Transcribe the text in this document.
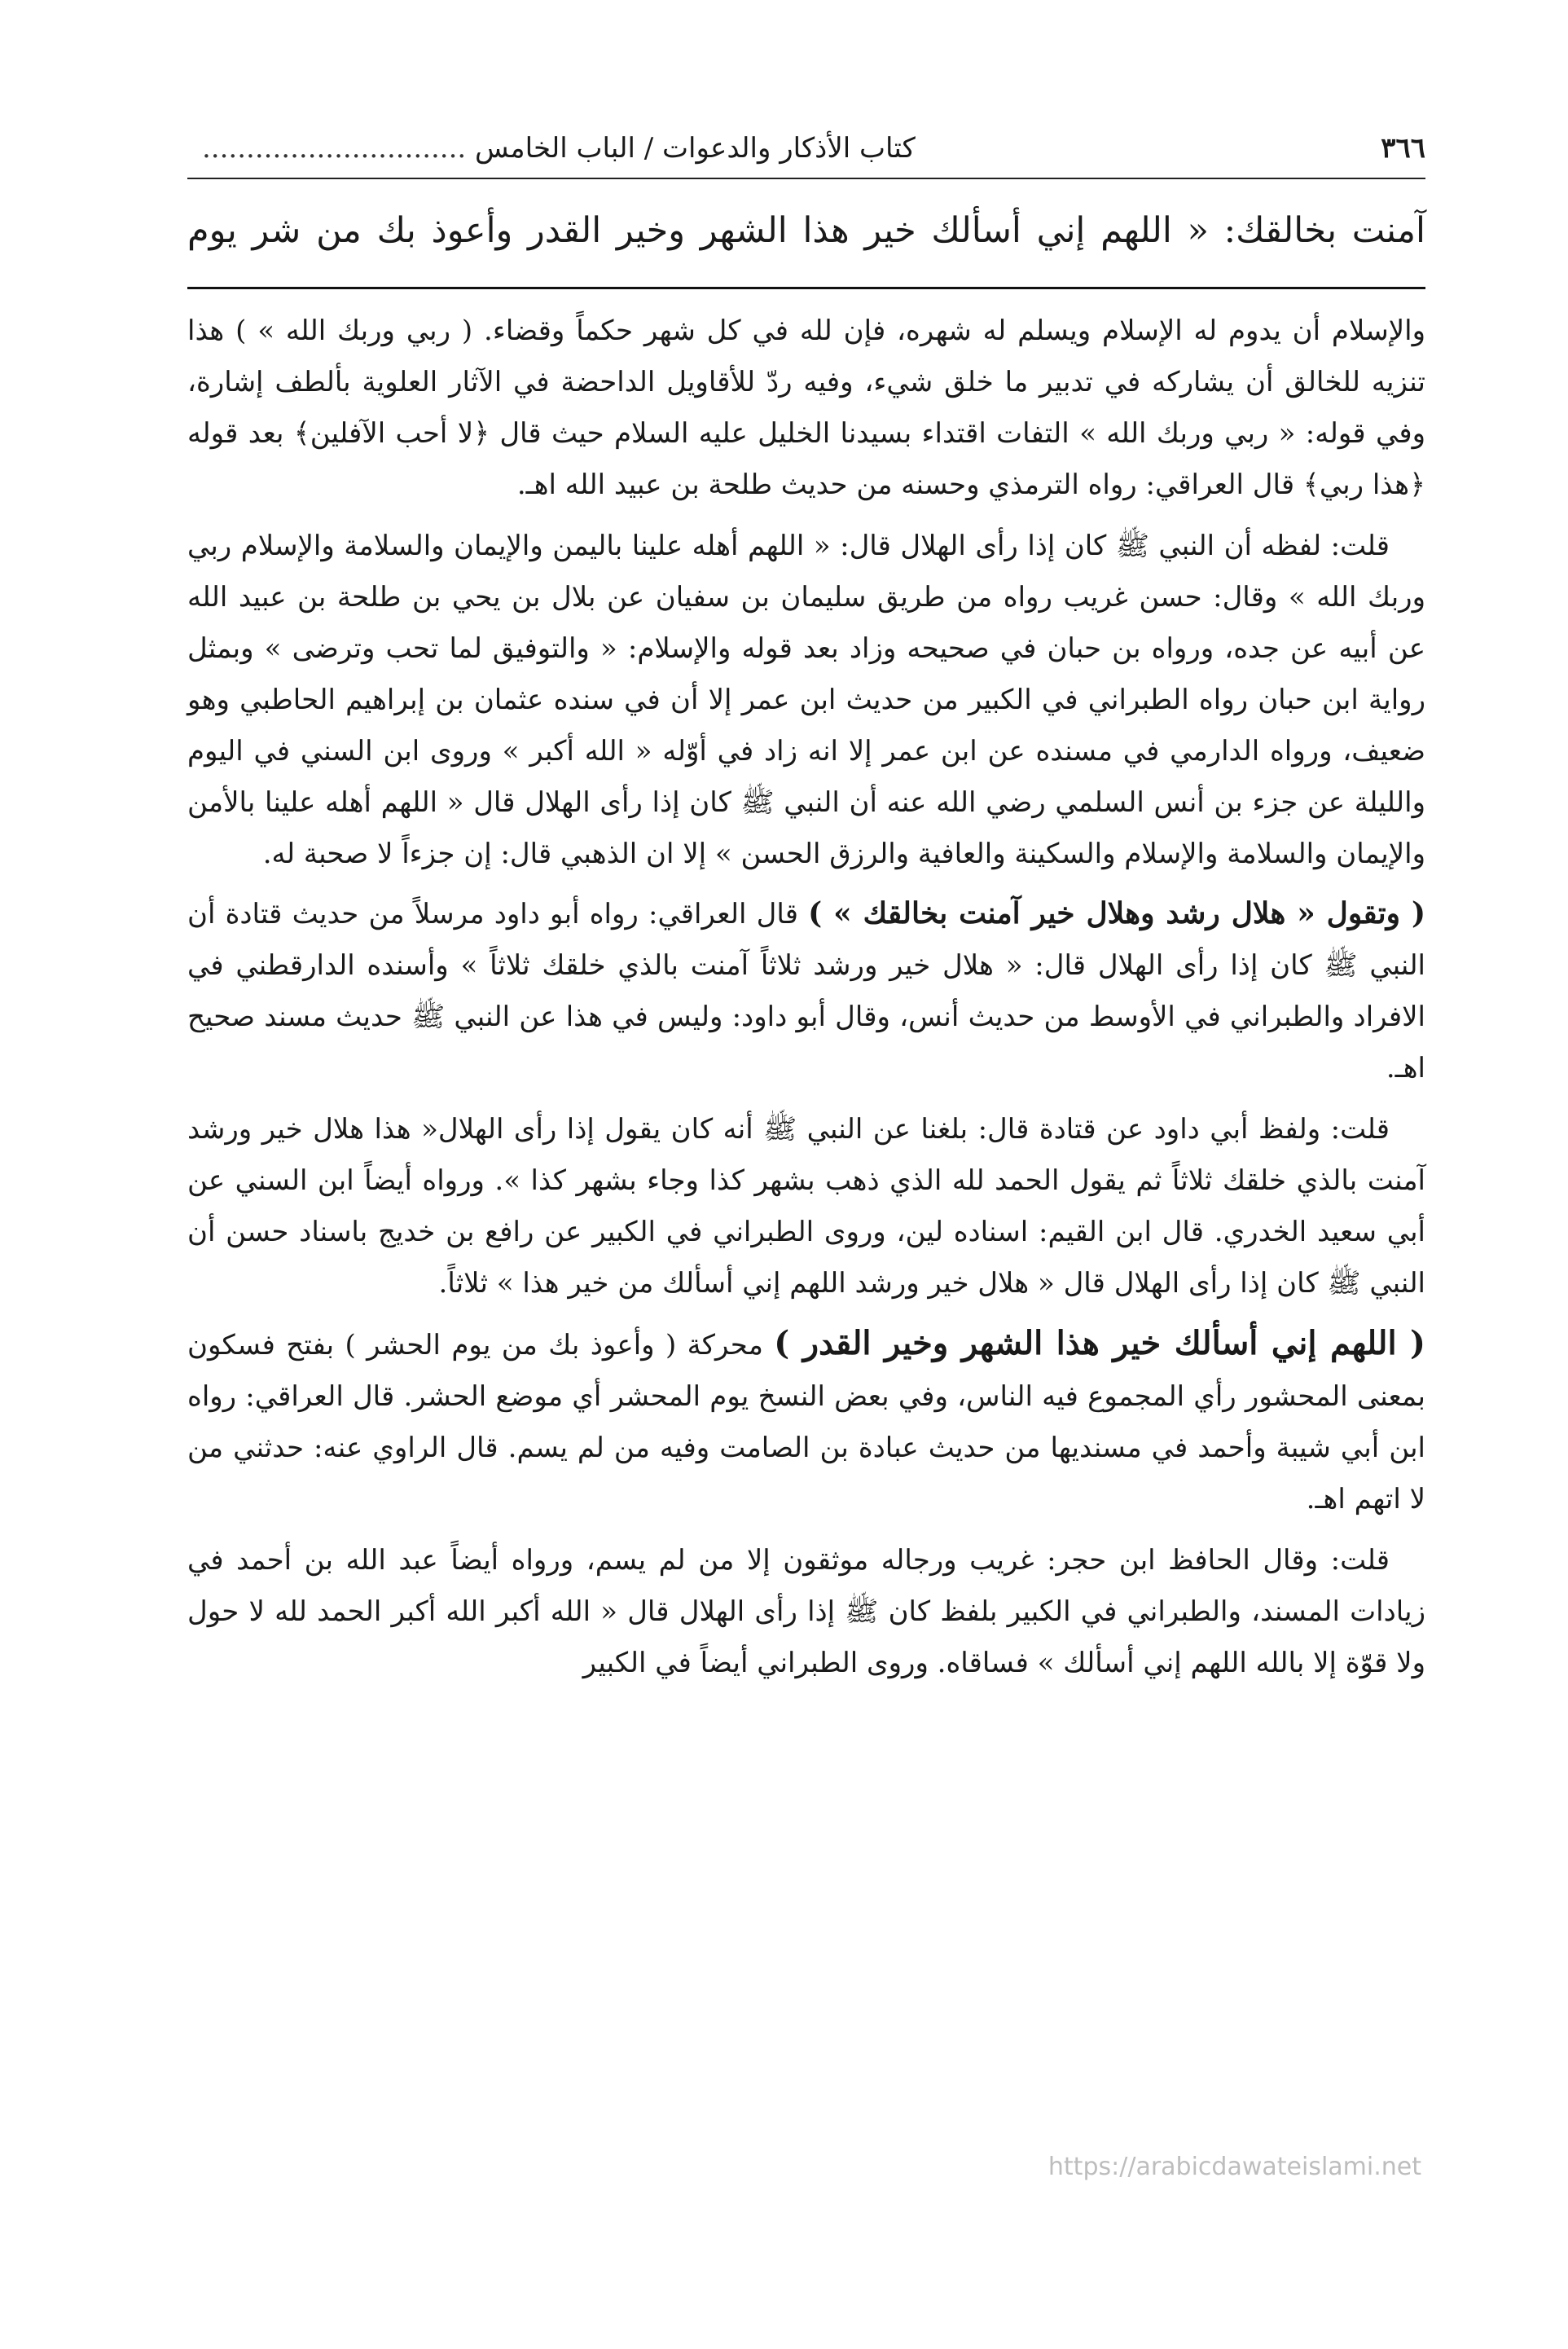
٣٦٦
كتاب الأذكار والدعوات / الباب الخامس ..............................
آمنت بخالقك: « اللهم إني أسألك خير هذا الشهر وخير القدر وأعوذ بك من شر يوم

والإسلام أن يدوم له الإسلام ويسلم له شهره، فإن لله في كل شهر حكماً وقضاء. ( ربي وربك الله » ) هذا تنزيه للخالق أن يشاركه في تدبير ما خلق شيء، وفيه ردّ للأقاويل الداحضة في الآثار العلوية بألطف إشارة، وفي قوله: « ربي وربك الله » التفات اقتداء بسيدنا الخليل عليه السلام حيث قال ﴿لا أحب الآفلين﴾ بعد قوله ﴿هذا ربي﴾ قال العراقي: رواه الترمذي وحسنه من حديث طلحة بن عبيد الله اهـ.

قلت: لفظه أن النبي ﷺ كان إذا رأى الهلال قال: « اللهم أهله علينا باليمن والإيمان والسلامة والإسلام ربي وربك الله » وقال: حسن غريب رواه من طريق سليمان بن سفيان عن بلال بن يحي بن طلحة بن عبيد الله عن أبيه عن جده، ورواه بن حبان في صحيحه وزاد بعد قوله والإسلام: « والتوفيق لما تحب وترضى » وبمثل رواية ابن حبان رواه الطبراني في الكبير من حديث ابن عمر إلا أن في سنده عثمان بن إبراهيم الحاطبي وهو ضعيف، ورواه الدارمي في مسنده عن ابن عمر إلا انه زاد في أوّله « الله أكبر » وروى ابن السني في اليوم والليلة عن جزء بن أنس السلمي رضي الله عنه أن النبي ﷺ كان إذا رأى الهلال قال « اللهم أهله علينا بالأمن والإيمان والسلامة والإسلام والسكينة والعافية والرزق الحسن » إلا ان الذهبي قال: إن جزءاً لا صحبة له.

( وتقول « هلال رشد وهلال خير آمنت بخالقك » ) قال العراقي: رواه أبو داود مرسلاً من حديث قتادة أن النبي ﷺ كان إذا رأى الهلال قال: « هلال خير ورشد ثلاثاً آمنت بالذي خلقك ثلاثاً » وأسنده الدارقطني في الافراد والطبراني في الأوسط من حديث أنس، وقال أبو داود: وليس في هذا عن النبي ﷺ حديث مسند صحيح اهـ.

قلت: ولفظ أبي داود عن قتادة قال: بلغنا عن النبي ﷺ أنه كان يقول إذا رأى الهلال« هذا هلال خير ورشد آمنت بالذي خلقك ثلاثاً ثم يقول الحمد لله الذي ذهب بشهر كذا وجاء بشهر كذا ». ورواه أيضاً ابن السني عن أبي سعيد الخدري. قال ابن القيم: اسناده لين، وروى الطبراني في الكبير عن رافع بن خديج باسناد حسن أن النبي ﷺ كان إذا رأى الهلال قال « هلال خير ورشد اللهم إني أسألك من خير هذا » ثلاثاً.

( اللهم إني أسألك خير هذا الشهر وخير القدر ) محركة ( وأعوذ بك من يوم الحشر ) بفتح فسكون بمعنى المحشور رأي المجموع فيه الناس، وفي بعض النسخ يوم المحشر أي موضع الحشر. قال العراقي: رواه ابن أبي شيبة وأحمد في مسنديها من حديث عبادة بن الصامت وفيه من لم يسم. قال الراوي عنه: حدثني من لا اتهم اهـ.

قلت: وقال الحافظ ابن حجر: غريب ورجاله موثقون إلا من لم يسم، ورواه أيضاً عبد الله بن أحمد في زيادات المسند، والطبراني في الكبير بلفظ كان ﷺ إذا رأى الهلال قال « الله أكبر الله أكبر الحمد لله لا حول ولا قوّة إلا بالله اللهم إني أسألك » فساقاه. وروى الطبراني أيضاً في الكبير

https://arabicdawateislami.net
